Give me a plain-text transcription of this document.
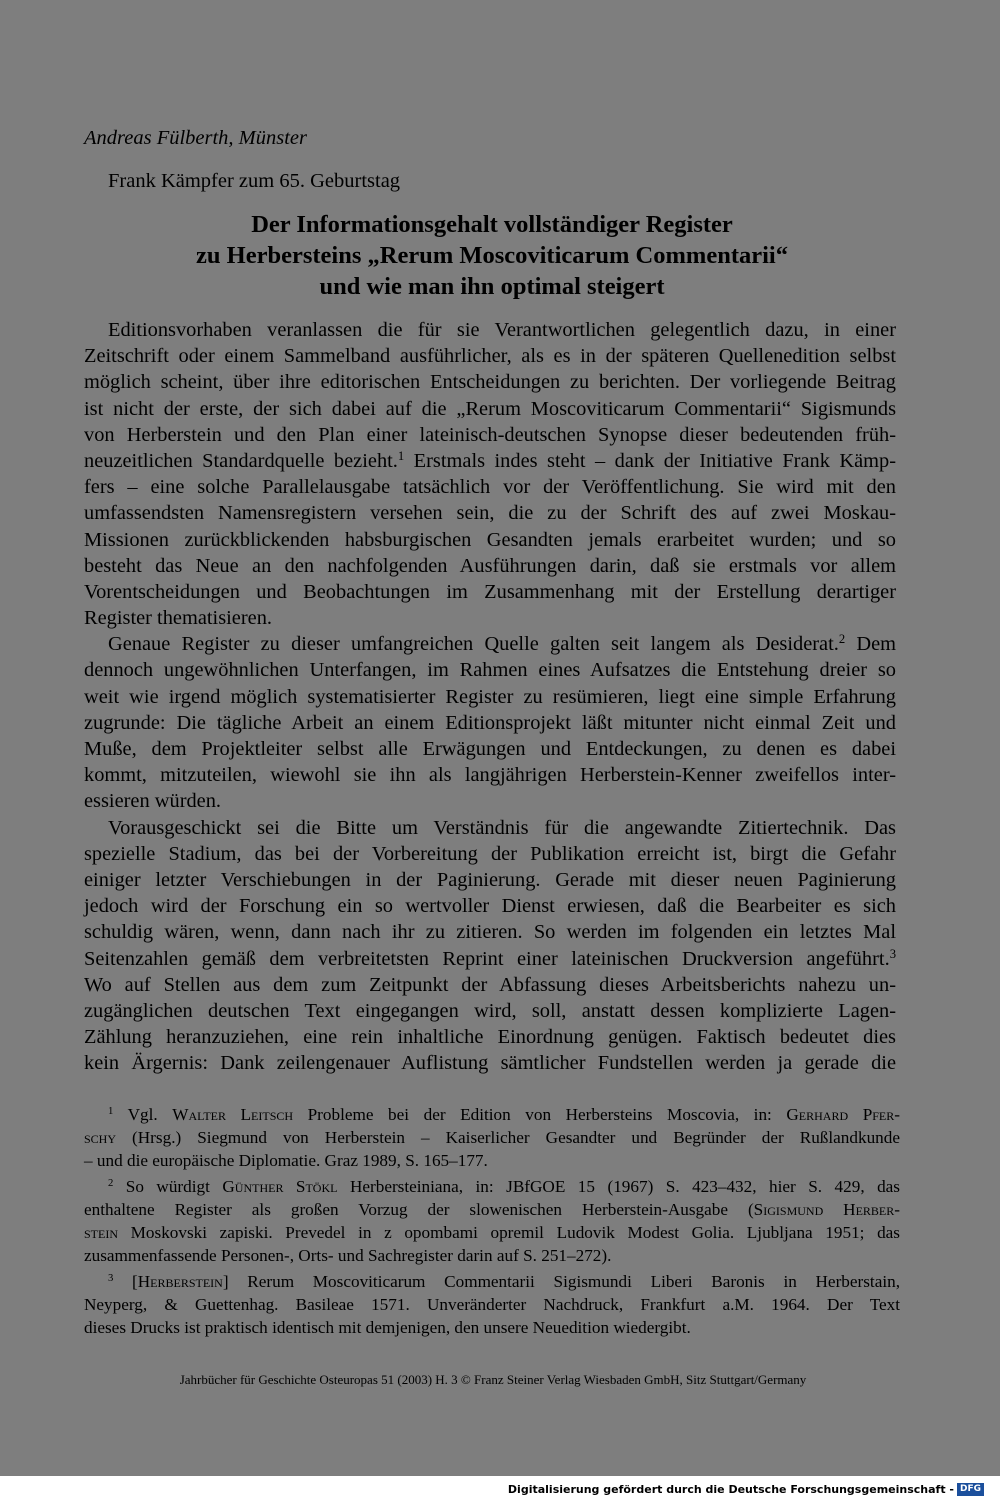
Andreas Fülberth, Münster
Frank Kämpfer zum 65. Geburtstag
Der Informationsgehalt vollständiger Register
zu Herbersteins „Rerum Moscoviticarum Commentarii“
und wie man ihn optimal steigert
Editionsvorhaben veranlassen die für sie Verantwortlichen gelegentlich dazu, in einer
Zeitschrift oder einem Sammelband ausführlicher, als es in der späteren Quellenedition selbst
möglich scheint, über ihre editorischen Entscheidungen zu berichten. Der vorliegende Beitrag
ist nicht der erste, der sich dabei auf die „Rerum Moscoviticarum Commentarii“ Sigismunds
von Herberstein und den Plan einer lateinisch-deutschen Synopse dieser bedeutenden früh-
neuzeitlichen Standardquelle bezieht.$^1$ Erstmals indes steht – dank der Initiative Frank Kämp-
fers – eine solche Parallelausgabe tatsächlich vor der Veröffentlichung. Sie wird mit den
umfassendsten Namensregistern versehen sein, die zu der Schrift des auf zwei Moskau-
Missionen zurückblickenden habsburgischen Gesandten jemals erarbeitet wurden; und so
besteht das Neue an den nachfolgenden Ausführungen darin, daß sie erstmals vor allem
Vorentscheidungen und Beobachtungen im Zusammenhang mit der Erstellung derartiger
Register thematisieren.
Genaue Register zu dieser umfangreichen Quelle galten seit langem als Desiderat.$^2$ Dem
dennoch ungewöhnlichen Unterfangen, im Rahmen eines Aufsatzes die Entstehung dreier so
weit wie irgend möglich systematisierter Register zu resümieren, liegt eine simple Erfahrung
zugrunde: Die tägliche Arbeit an einem Editionsprojekt läßt mitunter nicht einmal Zeit und
Muße, dem Projektleiter selbst alle Erwägungen und Entdeckungen, zu denen es dabei
kommt, mitzuteilen, wiewohl sie ihn als langjährigen Herberstein-Kenner zweifellos inter-
essieren würden.
Vorausgeschickt sei die Bitte um Verständnis für die angewandte Zitiertechnik. Das
spezielle Stadium, das bei der Vorbereitung der Publikation erreicht ist, birgt die Gefahr
einiger letzter Verschiebungen in der Paginierung. Gerade mit dieser neuen Paginierung
jedoch wird der Forschung ein so wertvoller Dienst erwiesen, daß die Bearbeiter es sich
schuldig wären, wenn, dann nach ihr zu zitieren. So werden im folgenden ein letztes Mal
Seitenzahlen gemäß dem verbreitetsten Reprint einer lateinischen Druckversion angeführt.$^3$
Wo auf Stellen aus dem zum Zeitpunkt der Abfassung dieses Arbeitsberichts nahezu un-
zugänglichen deutschen Text eingegangen wird, soll, anstatt dessen komplizierte Lagen-
Zählung heranzuziehen, eine rein inhaltliche Einordnung genügen. Faktisch bedeutet dies
kein Ärgernis: Dank zeilengenauer Auflistung sämtlicher Fundstellen werden ja gerade die
$^1$ Vgl. Walter Leitsch Probleme bei der Edition von Herbersteins Moscovia, in: Gerhard Pfer-
schy (Hrsg.) Siegmund von Herberstein – Kaiserlicher Gesandter und Begründer der Rußlandkunde
– und die europäische Diplomatie. Graz 1989, S. 165–177.
$^2$ So würdigt Günther Stökl Herbersteiniana, in: JBfGOE 15 (1967) S. 423–432, hier S. 429, das
enthaltene Register als großen Vorzug der slowenischen Herberstein-Ausgabe (Sigismund Herber-
stein Moskovski zapiski. Prevedel in z opombami opremil Ludovik Modest Golia. Ljubljana 1951; das
zusammenfassende Personen-, Orts- und Sachregister darin auf S. 251–272).
$^3$ [Herberstein] Rerum Moscoviticarum Commentarii Sigismundi Liberi Baronis in Herberstain,
Neyperg, & Guettenhag. Basileae 1571. Unveränderter Nachdruck, Frankfurt a.M. 1964. Der Text
dieses Drucks ist praktisch identisch mit demjenigen, den unsere Neuedition wiedergibt.
Jahrbücher für Geschichte Osteuropas 51 (2003) H. 3 © Franz Steiner Verlag Wiesbaden GmbH, Sitz Stuttgart/Germany
Digitalisierung gefördert durch die Deutsche Forschungsgemeinschaft - DFG
